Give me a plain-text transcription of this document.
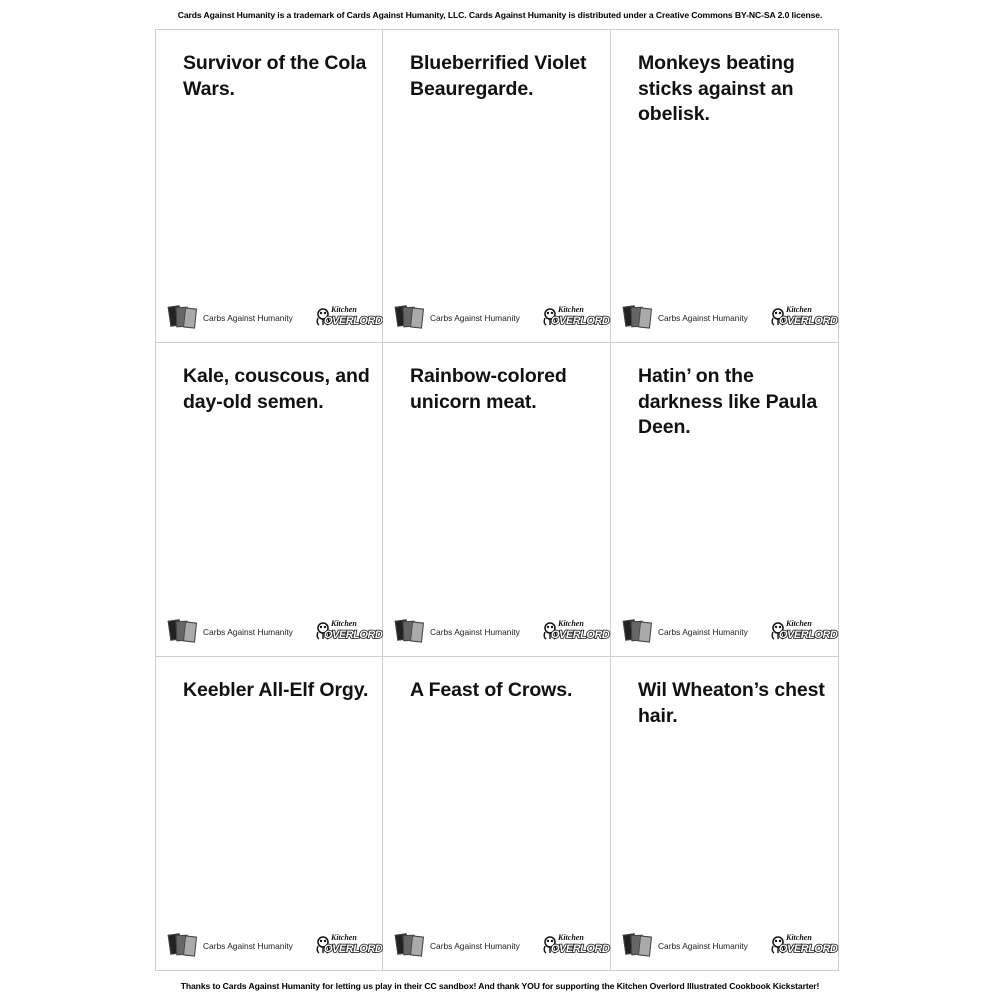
Cards Against Humanity is a trademark of Cards Against Humanity, LLC. Cards Against Humanity is distributed under a Creative Commons BY-NC-SA 2.0 license.
Survivor of the Cola Wars.
Carbs Against Humanity
Kitchen
OVERLORD
Blueberrified Violet Beauregarde.
Carbs Against Humanity
Kitchen
OVERLORD
Monkeys beating sticks against an obelisk.
Carbs Against Humanity
Kitchen
OVERLORD
Kale, couscous, and day-old semen.
Carbs Against Humanity
Kitchen
OVERLORD
Rainbow-colored unicorn meat.
Carbs Against Humanity
Kitchen
OVERLORD
Hatin’ on the darkness like Paula Deen.
Carbs Against Humanity
Kitchen
OVERLORD
Keebler All-Elf Orgy.
Carbs Against Humanity
Kitchen
OVERLORD
A Feast of Crows.
Carbs Against Humanity
Kitchen
OVERLORD
Wil Wheaton’s chest hair.
Carbs Against Humanity
Kitchen
OVERLORD
Thanks to Cards Against Humanity for letting us play in their CC sandbox! And thank YOU for supporting the Kitchen Overlord Illustrated Cookbook Kickstarter!
